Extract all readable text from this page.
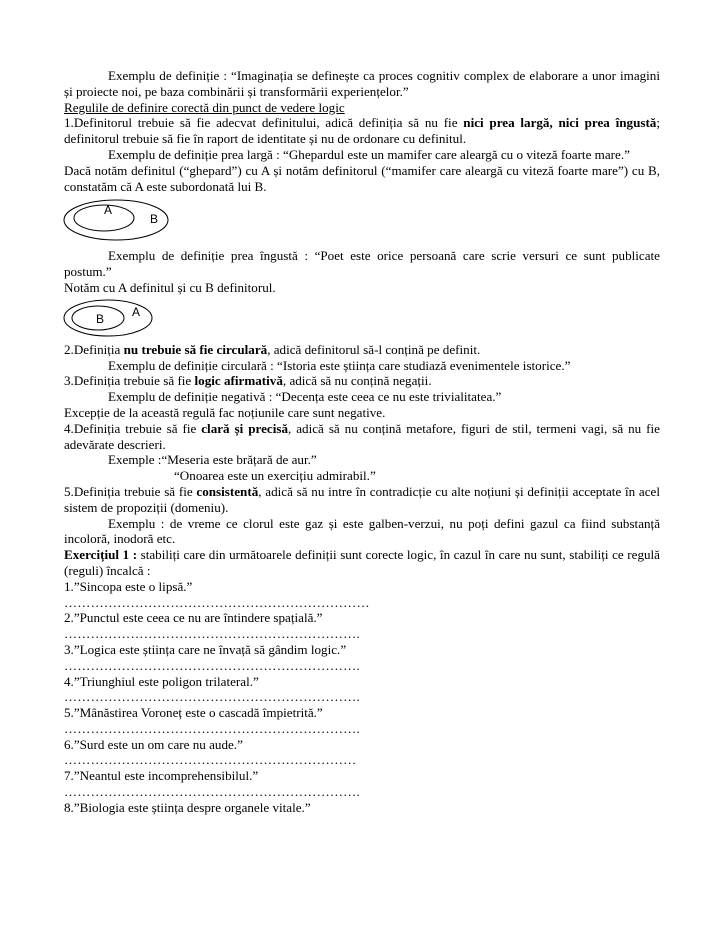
Exemplu de definiție : “Imaginația se definește ca proces cognitiv complex de elaborare a unor imagini și proiecte noi, pe baza combinării și transformării experiențelor.”

Regulile de definire corectă din punct de vedere logic

1.Definitorul trebuie să fie adecvat definitului, adică definiția să nu fie nici prea largă, nici prea îngustă; definitorul trebuie să fie în raport de identitate și nu de ordonare cu definitul.

Exemplu de definiție prea largă : “Ghepardul este un mamifer care aleargă cu o viteză foarte mare.”

Dacă notăm definitul (“ghepard”) cu A și notăm definitorul (“mamifer care aleargă cu viteză foarte mare”) cu B, constatăm că A este subordonată lui B.

A
B

Exemplu de definiție prea îngustă : “Poet este orice persoană care scrie versuri ce sunt publicate postum.”

Notăm cu A definitul și cu B definitorul.

B A

2.Definiția nu trebuie să fie circulară, adică definitorul să-l conțină pe definit.

Exemplu de definiție circulară : “Istoria este știința care studiază evenimentele istorice.”

3.Definiția trebuie să fie logic afirmativă, adică să nu conțină negații.

Exemplu de definiție negativă : “Decența este ceea ce nu este trivialitatea.”

Excepție de la această regulă fac noțiunile care sunt negative.

4.Definiția trebuie să fie clară și precisă, adică să nu conțină metafore, figuri de stil, termeni vagi, să nu fie adevărate descrieri.

Exemple :“Meseria este brățară de aur.”

“Onoarea este un exercițiu admirabil.”

5.Definiția trebuie să fie consistentă, adică să nu intre în contradicție cu alte noțiuni și definiții acceptate în acel sistem de propoziții (domeniu).

Exemplu : de vreme ce clorul este gaz și este galben-verzui, nu poți defini gazul ca fiind substanță incoloră, inodoră etc.

Exercițiul 1 : stabiliți care din următoarele definiții sunt corecte logic, în cazul în care nu sunt, stabiliți ce regulă (reguli) încalcă :

1.”Sincopa este o lipsă.”

……………………………………………………………

2.”Punctul este ceea ce nu are întindere spațială.”

………………………………………………………….

3.”Logica este știința care ne învață să gândim logic.”

………………………………………………………….

4.”Triunghiul este poligon trilateral.”

………………………………………………………….

5.”Mânăstirea Voroneț este o cascadă împietrită.”

………………………………………………………….

6.”Surd este un om care nu aude.”

…………………………………………………………

7.”Neantul este incomprehensibilul.”

………………………………………………………….

8.”Biologia este știința despre organele vitale.”
